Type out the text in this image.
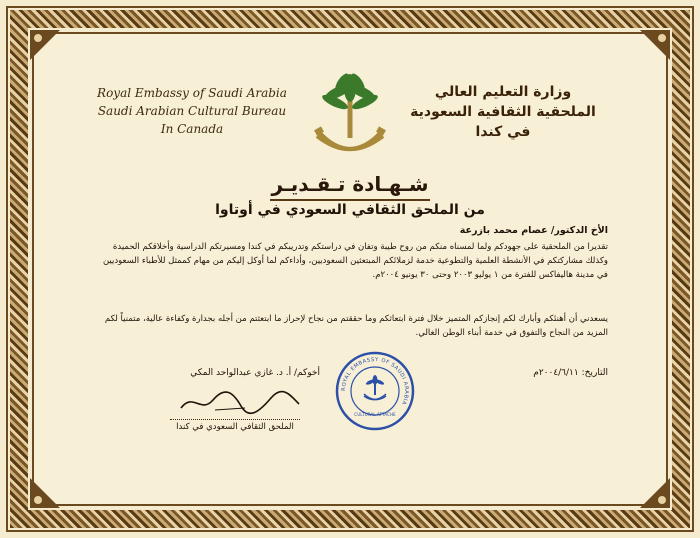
Royal Embassy of Saudi Arabia
Saudi Arabian Cultural Bureau
In Canada
وزارة التعليم العالي
الملحقية الثقافية السعودية
في كندا
شـهـادة تـقـديـر
من الملحق الثقافي السعودي في أوتاوا
الأخ الدكتور/ عصام محمد بازرعة
تقديرا من الملحقية على جهودكم ولما لمسناه منكم من روح طيبة وتفان في دراستكم وتدريبكم في كندا ومسيرتكم الدراسية وأخلاقكم الحميدة وكذلك مشاركتكم في الأنشطة العلمية والتطوعية خدمة لزملائكم المبتعثين السعوديين، وأداءكم لما أوكل إليكم من مهام كممثل للأطباء السعوديين في مدينة هاليفاكس للفترة من ١ يوليو ٢٠٠٣ وحتى ٣٠ يونيو ٢٠٠٤م.
يسعدني أن أهنئكم وأبارك لكم إنجازكم المتميز خلال فترة ابتعاثكم وما حققتم من نجاح لإحراز ما ابتعثتم من أجله بجدارة وكفاءة عالية، متمنياً لكم المزيد من النجاح والتفوق في خدمة أبناء الوطن الغالي.
التاريخ: ٢٠٠٤/٦/١١م
أخوكم/ أ. د. غازي عبدالواحد المكي
الملحق الثقافي السعودي في كندا
ROYAL EMBASSY OF SAUDI ARABIA
CULTURAL ATTACHE
